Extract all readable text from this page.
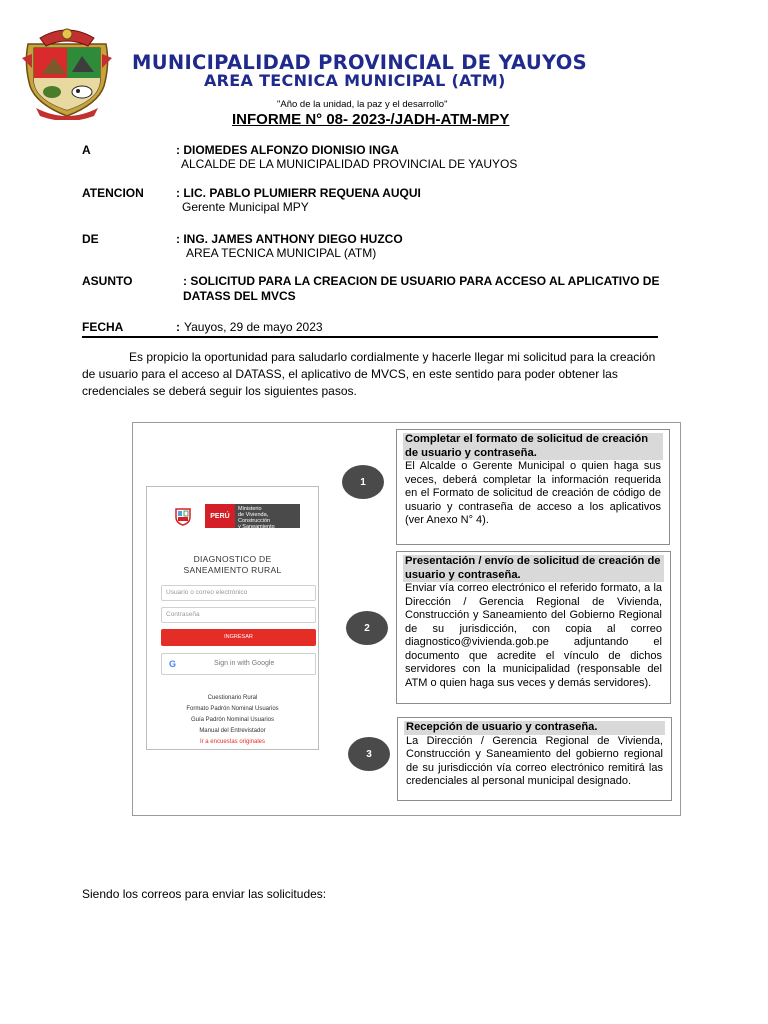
MUNICIPALIDAD PROVINCIAL DE YAUYOS
AREA TECNICA MUNICIPAL (ATM)
"Año de la unidad, la paz y el desarrollo"
INFORME N° 08- 2023-/JADH-ATM-MPY
A	: DIOMEDES ALFONZO DIONISIO INGA
ALCALDE DE LA MUNICIPALIDAD PROVINCIAL DE YAUYOS
ATENCION	: LIC. PABLO PLUMIERR REQUENA AUQUI
Gerente Municipal MPY
DE	: ING. JAMES ANTHONY DIEGO HUZCO
AREA TECNICA MUNICIPAL (ATM)
ASUNTO	: SOLICITUD PARA LA CREACION DE USUARIO PARA ACCESO AL APLICATIVO DE
DATASS DEL MVCS
FECHA	: Yauyos, 29 de mayo 2023
Es propicio la oportunidad para saludarlo cordialmente y hacerle llegar mi solicitud para la creación de usuario para el acceso al DATASS, el aplicativo de MVCS, en este sentido para poder obtener las credenciales se deberá seguir los siguientes pasos.
PERÚ
Ministerio
de Vivienda, Construcción
y Saneamiento
DIAGNOSTICO DE
SANEAMIENTO RURAL
Usuario o correo electrónico
Contraseña
INGRESAR
G	Sign in with Google
Cuestionario Rural
Formato Padrón Nominal Usuarios
Guía Padrón Nominal Usuarios
Manual del Entrevistador
Ir a encuestas originales
1
2
3
Completar el formato de solicitud de creación de usuario y contraseña.
El Alcalde o Gerente Municipal o quien haga sus veces, deberá completar la información requerida en el Formato de solicitud de creación de código de usuario y contraseña de acceso a los aplicativos (ver Anexo N° 4).
Presentación / envío de solicitud de creación de usuario y contraseña.
Enviar vía correo electrónico el referido formato, a la Dirección / Gerencia Regional de Vivienda, Construcción y Saneamiento del Gobierno Regional de su jurisdicción, con copia al correo diagnostico@vivienda.gob.pe adjuntando el documento que acredite el vínculo de dichos servidores con la municipalidad (responsable del ATM o quien haga sus veces y demás servidores).
Recepción de usuario y contraseña.
La Dirección / Gerencia Regional de Vivienda, Construcción y Saneamiento del gobierno regional de su jurisdicción vía correo electrónico remitirá las credenciales al personal municipal designado.
Siendo los correos para enviar las solicitudes:
